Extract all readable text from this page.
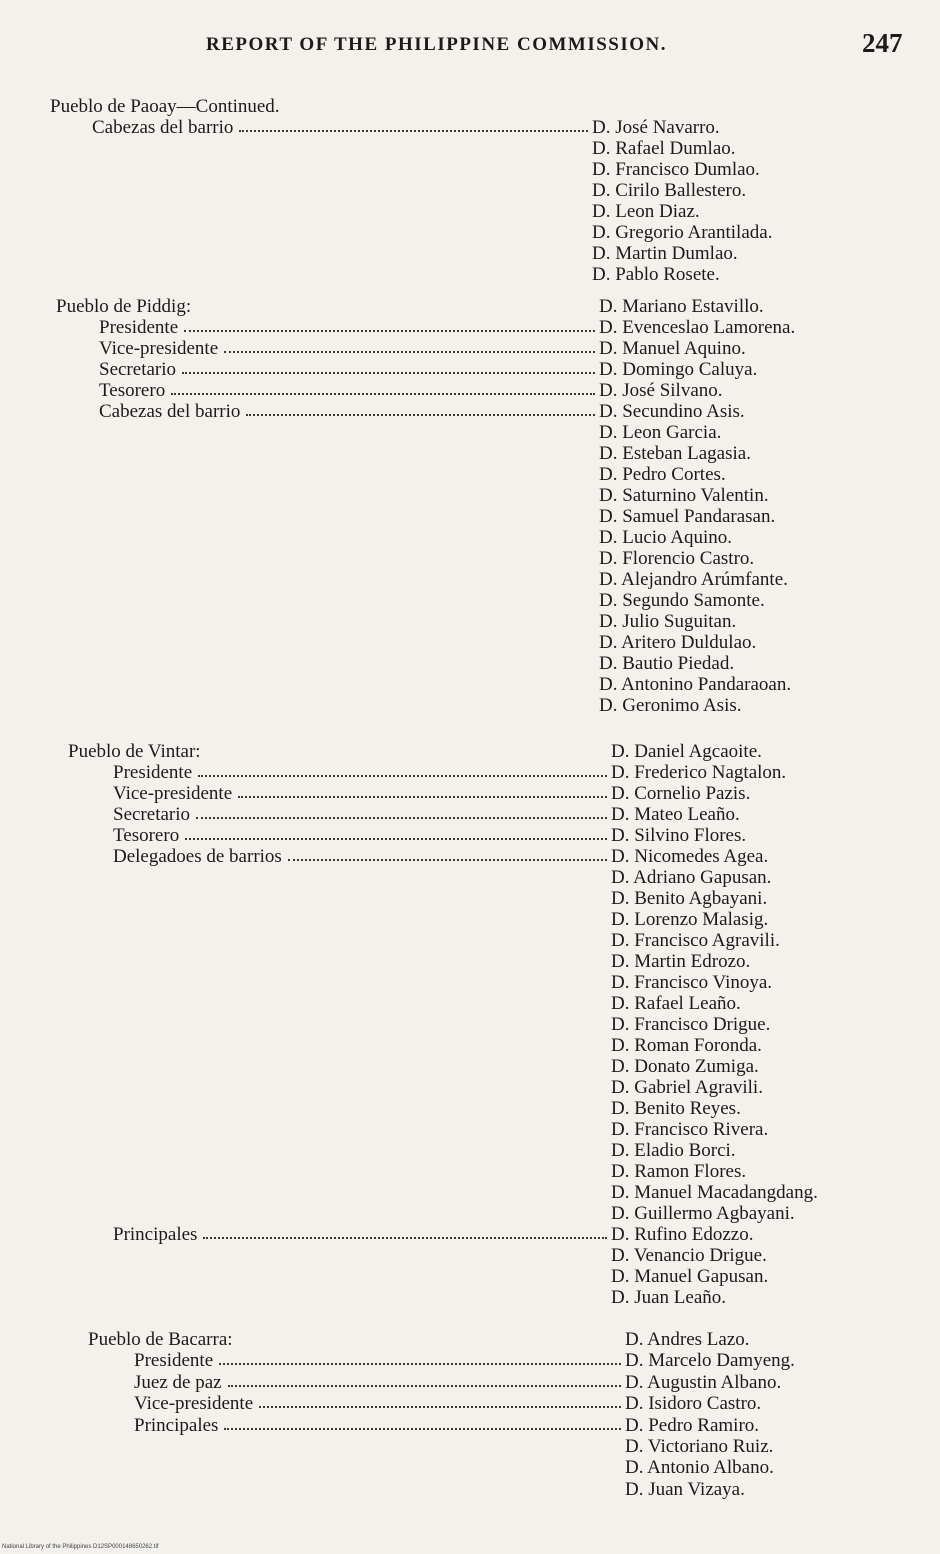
REPORT OF THE PHILIPPINE COMMISSION.	247
Pueblo de Paoay—Continued.
Cabezas del barrio	D. José Navarro.
D. Rafael Dumlao.
D. Francisco Dumlao.
D. Cirilo Ballestero.
D. Leon Diaz.
D. Gregorio Arantilada.
D. Martin Dumlao.
D. Pablo Rosete.
Pueblo de Piddig:	D. Mariano Estavillo.
Presidente	D. Evenceslao Lamorena.
Vice-presidente	D. Manuel Aquino.
Secretario	D. Domingo Caluya.
Tesorero	D. José Silvano.
Cabezas del barrio	D. Secundino Asis.
D. Leon Garcia.
D. Esteban Lagasia.
D. Pedro Cortes.
D. Saturnino Valentin.
D. Samuel Pandarasan.
D. Lucio Aquino.
D. Florencio Castro.
D. Alejandro Arúmfante.
D. Segundo Samonte.
D. Julio Suguitan.
D. Aritero Duldulao.
D. Bautio Piedad.
D. Antonino Pandaraoan.
D. Geronimo Asis.
Pueblo de Vintar:	D. Daniel Agcaoite.
Presidente	D. Frederico Nagtalon.
Vice-presidente	D. Cornelio Pazis.
Secretario	D. Mateo Leaño.
Tesorero	D. Silvino Flores.
Delegadoes de barrios	D. Nicomedes Agea.
D. Adriano Gapusan.
D. Benito Agbayani.
D. Lorenzo Malasig.
D. Francisco Agravili.
D. Martin Edrozo.
D. Francisco Vinoya.
D. Rafael Leaño.
D. Francisco Drigue.
D. Roman Foronda.
D. Donato Zumiga.
D. Gabriel Agravili.
D. Benito Reyes.
D. Francisco Rivera.
D. Eladio Borci.
D. Ramon Flores.
D. Manuel Macadangdang.
D. Guillermo Agbayani.
Principales	D. Rufino Edozzo.
D. Venancio Drigue.
D. Manuel Gapusan.
D. Juan Leaño.
Pueblo de Bacarra:	D. Andres Lazo.
Presidente	D. Marcelo Damyeng.
Juez de paz	D. Augustin Albano.
Vice-presidente	D. Isidoro Castro.
Principales	D. Pedro Ramiro.
D. Victoriano Ruiz.
D. Antonio Albano.
D. Juan Vizaya.
National Library of the Philippines D12SP000148650262.tif
